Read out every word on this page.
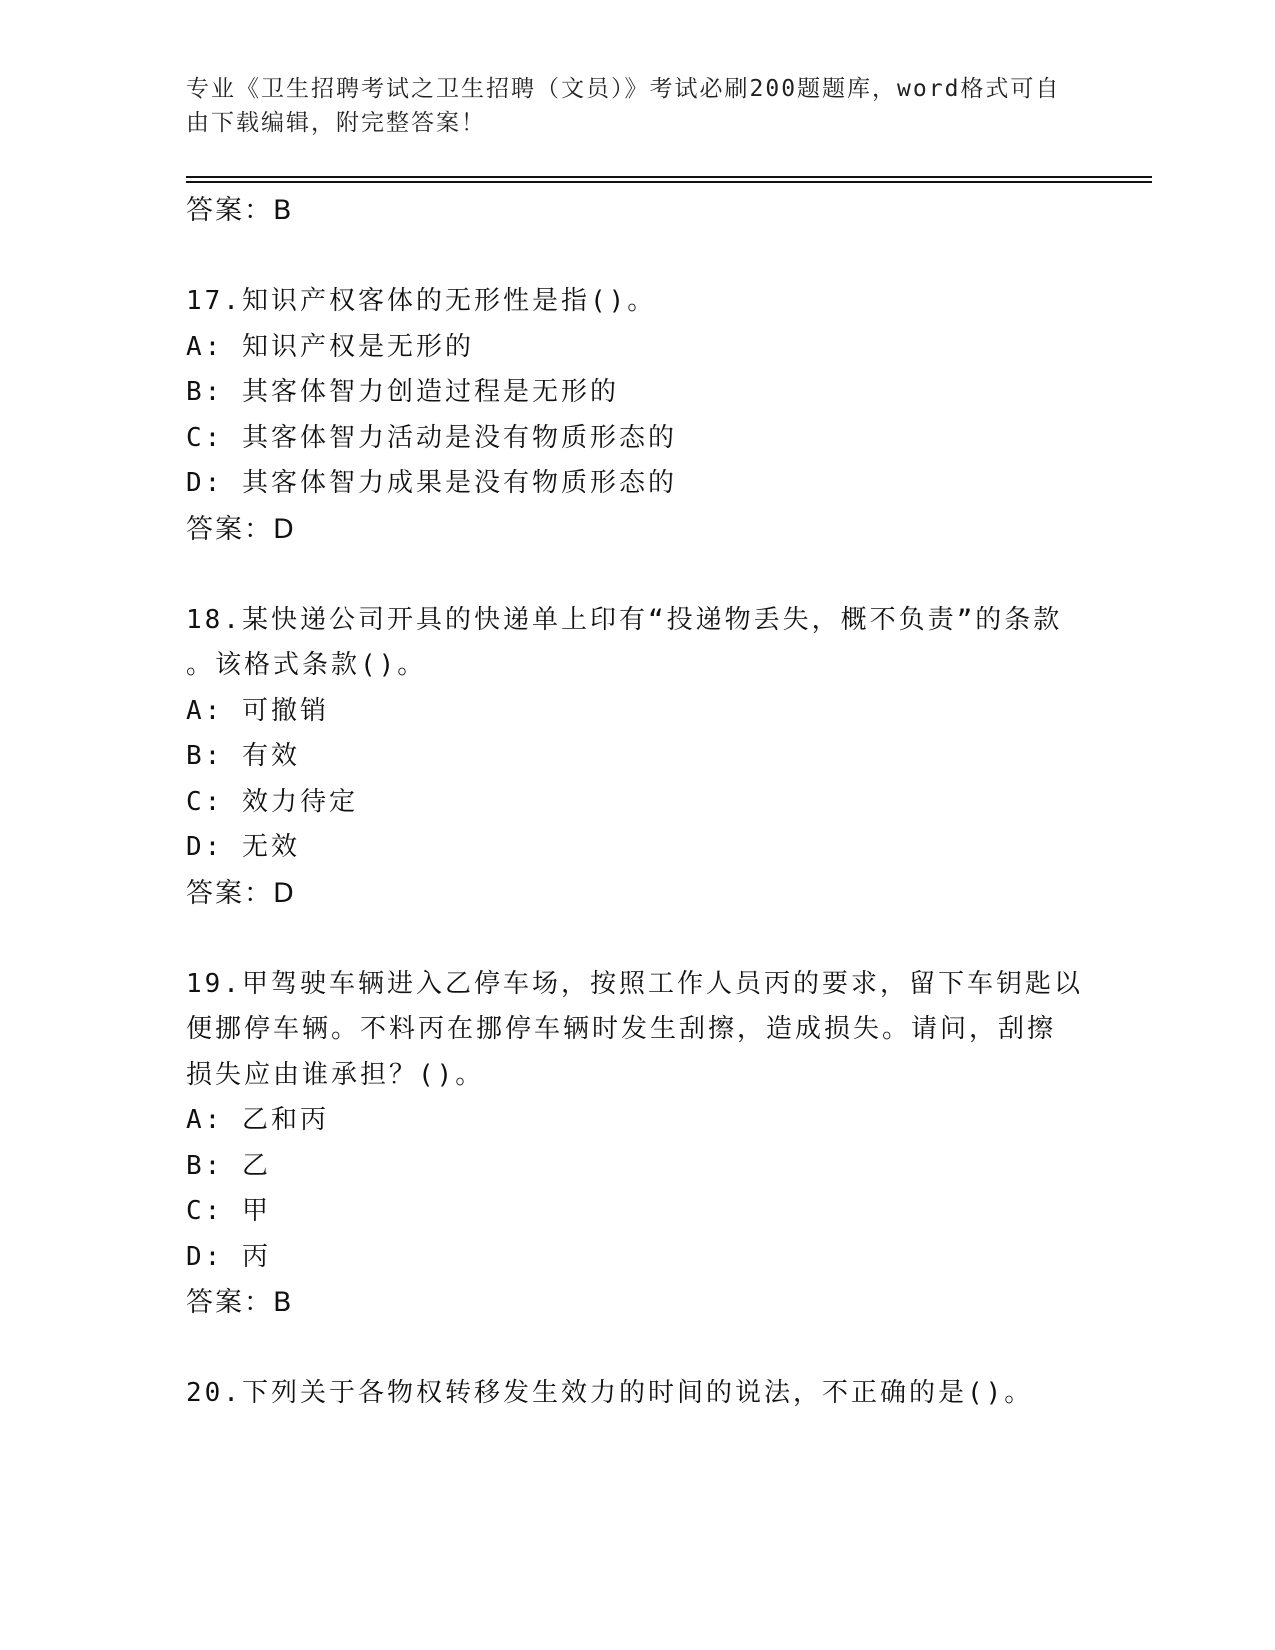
专业《卫生招聘考试之卫生招聘（文员）》考试必刷200题题库，word格式可自
由下载编辑，附完整答案！
答案：B
17.知识产权客体的无形性是指()。
A: 知识产权是无形的
B: 其客体智力创造过程是无形的
C: 其客体智力活动是没有物质形态的
D: 其客体智力成果是没有物质形态的
答案：D
18.某快递公司开具的快递单上印有“投递物丢失，概不负责”的条款
。该格式条款()。
A: 可撤销
B: 有效
C: 效力待定
D: 无效
答案：D
19.甲驾驶车辆进入乙停车场，按照工作人员丙的要求，留下车钥匙以
便挪停车辆。不料丙在挪停车辆时发生刮擦，造成损失。请问，刮擦
损失应由谁承担？()。
A: 乙和丙
B: 乙
C: 甲
D: 丙
答案：B
20.下列关于各物权转移发生效力的时间的说法，不正确的是()。
